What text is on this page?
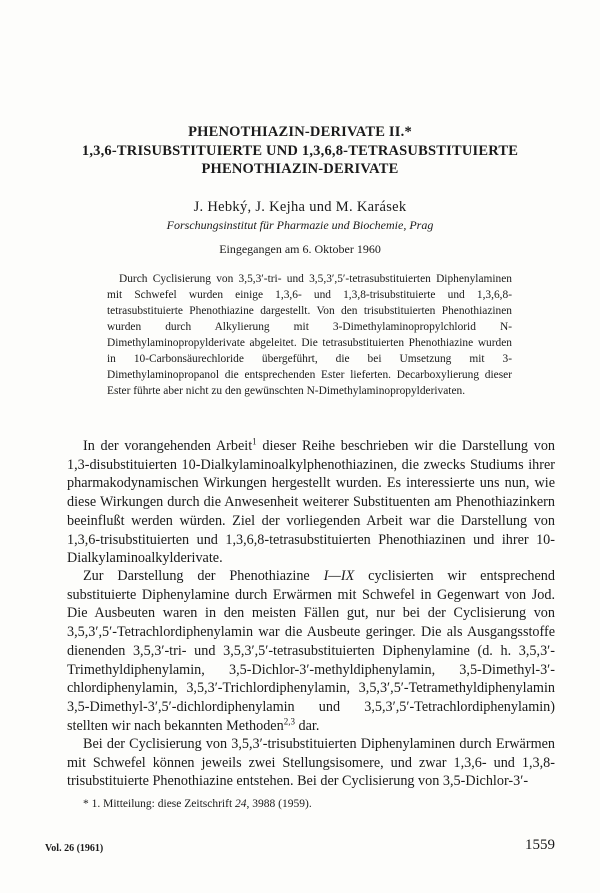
PHENOTHIAZIN-DERIVATE II.*
1,3,6-TRISUBSTITUIERTE UND 1,3,6,8-TETRASUBSTITUIERTE
PHENOTHIAZIN-DERIVATE
J. Hebký, J. Kejha und M. Karásek
Forschungsinstitut für Pharmazie und Biochemie, Prag
Eingegangen am 6. Oktober 1960

Durch Cyclisierung von 3,5,3′-tri- und 3,5,3′,5′-tetrasubstituierten Diphenylaminen mit Schwefel wurden einige 1,3,6- und 1,3,8-trisubstituierte und 1,3,6,8-tetrasubstituierte Phenothiazine dargestellt. Von den trisubstituierten Phenothiazinen wurden durch Alkylierung mit 3-Dimethylaminopropylchlorid N-Dimethylaminopropylderivate abgeleitet. Die tetrasubstituierten Phenothiazine wurden in 10-Carbonsäurechloride übergeführt, die bei Umsetzung mit 3-Dimethylaminopropanol die entsprechenden Ester lieferten. Decarboxylierung dieser Ester führte aber nicht zu den gewünschten N-Dimethylaminopropylderivaten.

In der vorangehenden Arbeit$^1$ dieser Reihe beschrieben wir die Darstellung von 1,3-disubstituierten 10-Dialkylaminoalkylphenothiazinen, die zwecks Studiums ihrer pharmakodynamischen Wirkungen hergestellt wurden. Es interessierte uns nun, wie diese Wirkungen durch die Anwesenheit weiterer Substituenten am Phenothiazinkern beeinflußt werden würden. Ziel der vorliegenden Arbeit war die Darstellung von 1,3,6-trisubstituierten und 1,3,6,8-tetrasubstituierten Phenothiazinen und ihrer 10-Dialkylaminoalkylderivate.

Zur Darstellung der Phenothiazine I—IX cyclisierten wir entsprechend substituierte Diphenylamine durch Erwärmen mit Schwefel in Gegenwart von Jod. Die Ausbeuten waren in den meisten Fällen gut, nur bei der Cyclisierung von 3,5,3′,5′-Tetrachlordiphenylamin war die Ausbeute geringer. Die als Ausgangsstoffe dienenden 3,5,3′-tri- und 3,5,3′,5′-tetrasubstituierten Diphenylamine (d. h. 3,5,3′-Trimethyldiphenylamin, 3,5-Dichlor-3′-methyldiphenylamin, 3,5-Dimethyl-3′-chlordiphenylamin, 3,5,3′-Trichlordiphenylamin, 3,5,3′,5′-Tetramethyldiphenylamin 3,5-Dimethyl-3′,5′-dichlordiphenylamin und 3,5,3′,5′-Tetrachlordiphenylamin) stellten wir nach bekannten Methoden$^{2,3}$ dar.

Bei der Cyclisierung von 3,5,3′-trisubstituierten Diphenylaminen durch Erwärmen mit Schwefel können jeweils zwei Stellungsisomere, und zwar 1,3,6- und 1,3,8-trisubstituierte Phenothiazine entstehen. Bei der Cyclisierung von 3,5-Dichlor-3′-

* 1. Mitteilung: diese Zeitschrift 24, 3988 (1959).

Vol. 26 (1961)	1559
